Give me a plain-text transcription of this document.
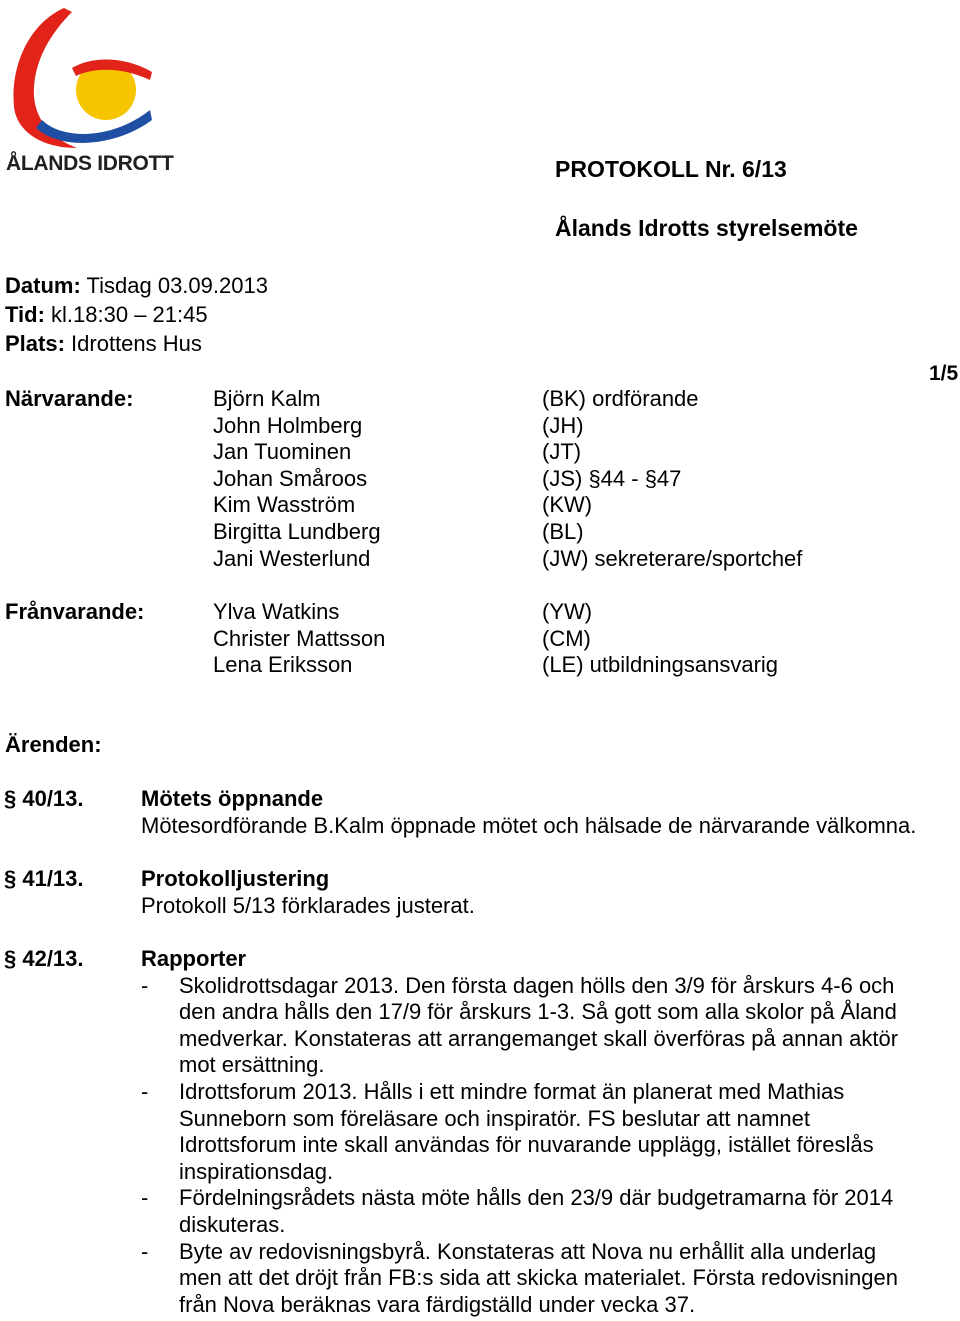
ÅLANDS IDROTT	PROTOKOLL Nr. 6/13
Ålands Idrotts styrelsemöte
1/5
Datum: Tisdag 03.09.2013
Tid: kl.18:30 – 21:45
Plats: Idrottens Hus
Närvarande:	Björn Kalm	(BK) ordförande
John Holmberg	(JH)
Jan Tuominen	(JT)
Johan Småroos	(JS) §44 - §47
Kim Wasström	(KW)
Birgitta Lundberg	(BL)
Jani Westerlund	(JW) sekreterare/sportchef
Frånvarande:	Ylva Watkins	(YW)
Christer Mattsson	(CM)
Lena Eriksson	(LE) utbildningsansvarig
Ärenden:
§ 40/13.	Mötets öppnande
Mötesordförande B.Kalm öppnade mötet och hälsade de närvarande välkomna.
§ 41/13.	Protokolljustering
Protokoll 5/13 förklarades justerat.
§ 42/13.	Rapporter
- Skolidrottsdagar 2013. Den första dagen hölls den 3/9 för årskurs 4-6 och
den andra hålls den 17/9 för årskurs 1-3. Så gott som alla skolor på Åland
medverkar. Konstateras att arrangemanget skall överföras på annan aktör
mot ersättning.
- Idrottsforum 2013. Hålls i ett mindre format än planerat med Mathias
Sunneborn som föreläsare och inspiratör. FS beslutar att namnet
Idrottsforum inte skall användas för nuvarande upplägg, istället föreslås
inspirationsdag.
- Fördelningsrådets nästa möte hålls den 23/9 där budgetramarna för 2014
diskuteras.
- Byte av redovisningsbyrå. Konstateras att Nova nu erhållit alla underlag
men att det dröjt från FB:s sida att skicka materialet. Första redovisningen
från Nova beräknas vara färdigställd under vecka 37.
